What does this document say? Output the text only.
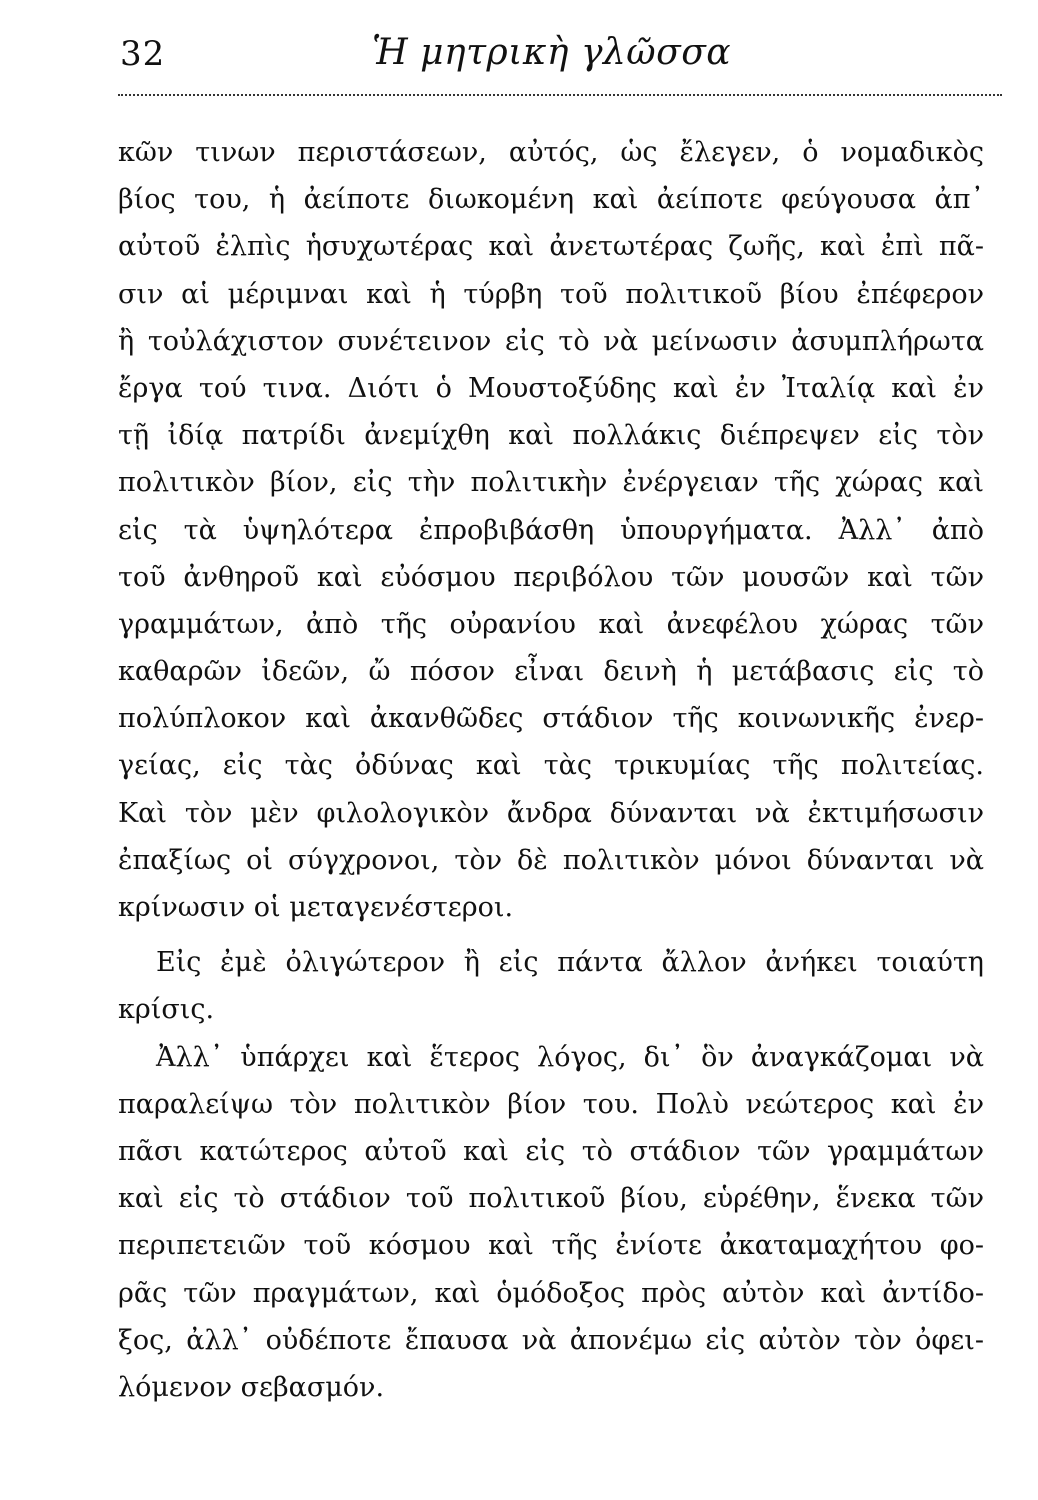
32	Ἡ μητρικὴ γλῶσσα
κῶν τινων περιστάσεων, αὐτός, ὡς ἔλεγεν, ὁ νομαδικὸς
βίος του, ἡ ἀείποτε διωκομένη καὶ ἀείποτε φεύγουσα ἀπ᾽
αὐτοῦ ἐλπὶς ἡσυχωτέρας καὶ ἀνετωτέρας ζωῆς, καὶ ἐπὶ πᾶ-
σιν αἱ μέριμναι καὶ ἡ τύρβη τοῦ πολιτικοῦ βίου ἐπέφερον
ἢ τοὐλάχιστον συνέτεινον εἰς τὸ νὰ μείνωσιν ἀσυμπλήρωτα
ἔργα τού τινα. Διότι ὁ Μουστοξύδης καὶ ἐν Ἰταλίᾳ καὶ ἐν
τῇ ἰδίᾳ πατρίδι ἀνεμίχθη καὶ πολλάκις διέπρεψεν εἰς τὸν
πολιτικὸν βίον, εἰς τὴν πολιτικὴν ἐνέργειαν τῆς χώρας καὶ
εἰς τὰ ὑψηλότερα ἐπροβιβάσθη ὑπουργήματα. Ἀλλ᾽ ἀπὸ
τοῦ ἀνθηροῦ καὶ εὐόσμου περιβόλου τῶν μουσῶν καὶ τῶν
γραμμάτων, ἀπὸ τῆς οὐρανίου καὶ ἀνεφέλου χώρας τῶν
καθαρῶν ἰδεῶν, ὤ πόσον εἶναι δεινὴ ἡ μετάβασις εἰς τὸ
πολύπλοκον καὶ ἀκανθῶδες στάδιον τῆς κοινωνικῆς ἐνερ-
γείας, εἰς τὰς ὀδύνας καὶ τὰς τρικυμίας τῆς πολιτείας.
Καὶ τὸν μὲν φιλολογικὸν ἄνδρα δύνανται νὰ ἐκτιμήσωσιν
ἐπαξίως οἱ σύγχρονοι, τὸν δὲ πολιτικὸν μόνοι δύνανται νὰ
κρίνωσιν οἱ μεταγενέστεροι.
Εἰς ἐμὲ ὀλιγώτερον ἢ εἰς πάντα ἄλλον ἀνήκει τοιαύτη
κρίσις.
Ἀλλ᾽ ὑπάρχει καὶ ἕτερος λόγος, δι᾽ ὃν ἀναγκάζομαι νὰ
παραλείψω τὸν πολιτικὸν βίον του. Πολὺ νεώτερος καὶ ἐν
πᾶσι κατώτερος αὐτοῦ καὶ εἰς τὸ στάδιον τῶν γραμμάτων
καὶ εἰς τὸ στάδιον τοῦ πολιτικοῦ βίου, εὑρέθην, ἕνεκα τῶν
περιπετειῶν τοῦ κόσμου καὶ τῆς ἐνίοτε ἀκαταμαχήτου φο-
ρᾶς τῶν πραγμάτων, καὶ ὁμόδοξος πρὸς αὐτὸν καὶ ἀντίδο-
ξος, ἀλλ᾽ οὐδέποτε ἔπαυσα νὰ ἀπονέμω εἰς αὐτὸν τὸν ὀφει-
λόμενον σεβασμόν.
